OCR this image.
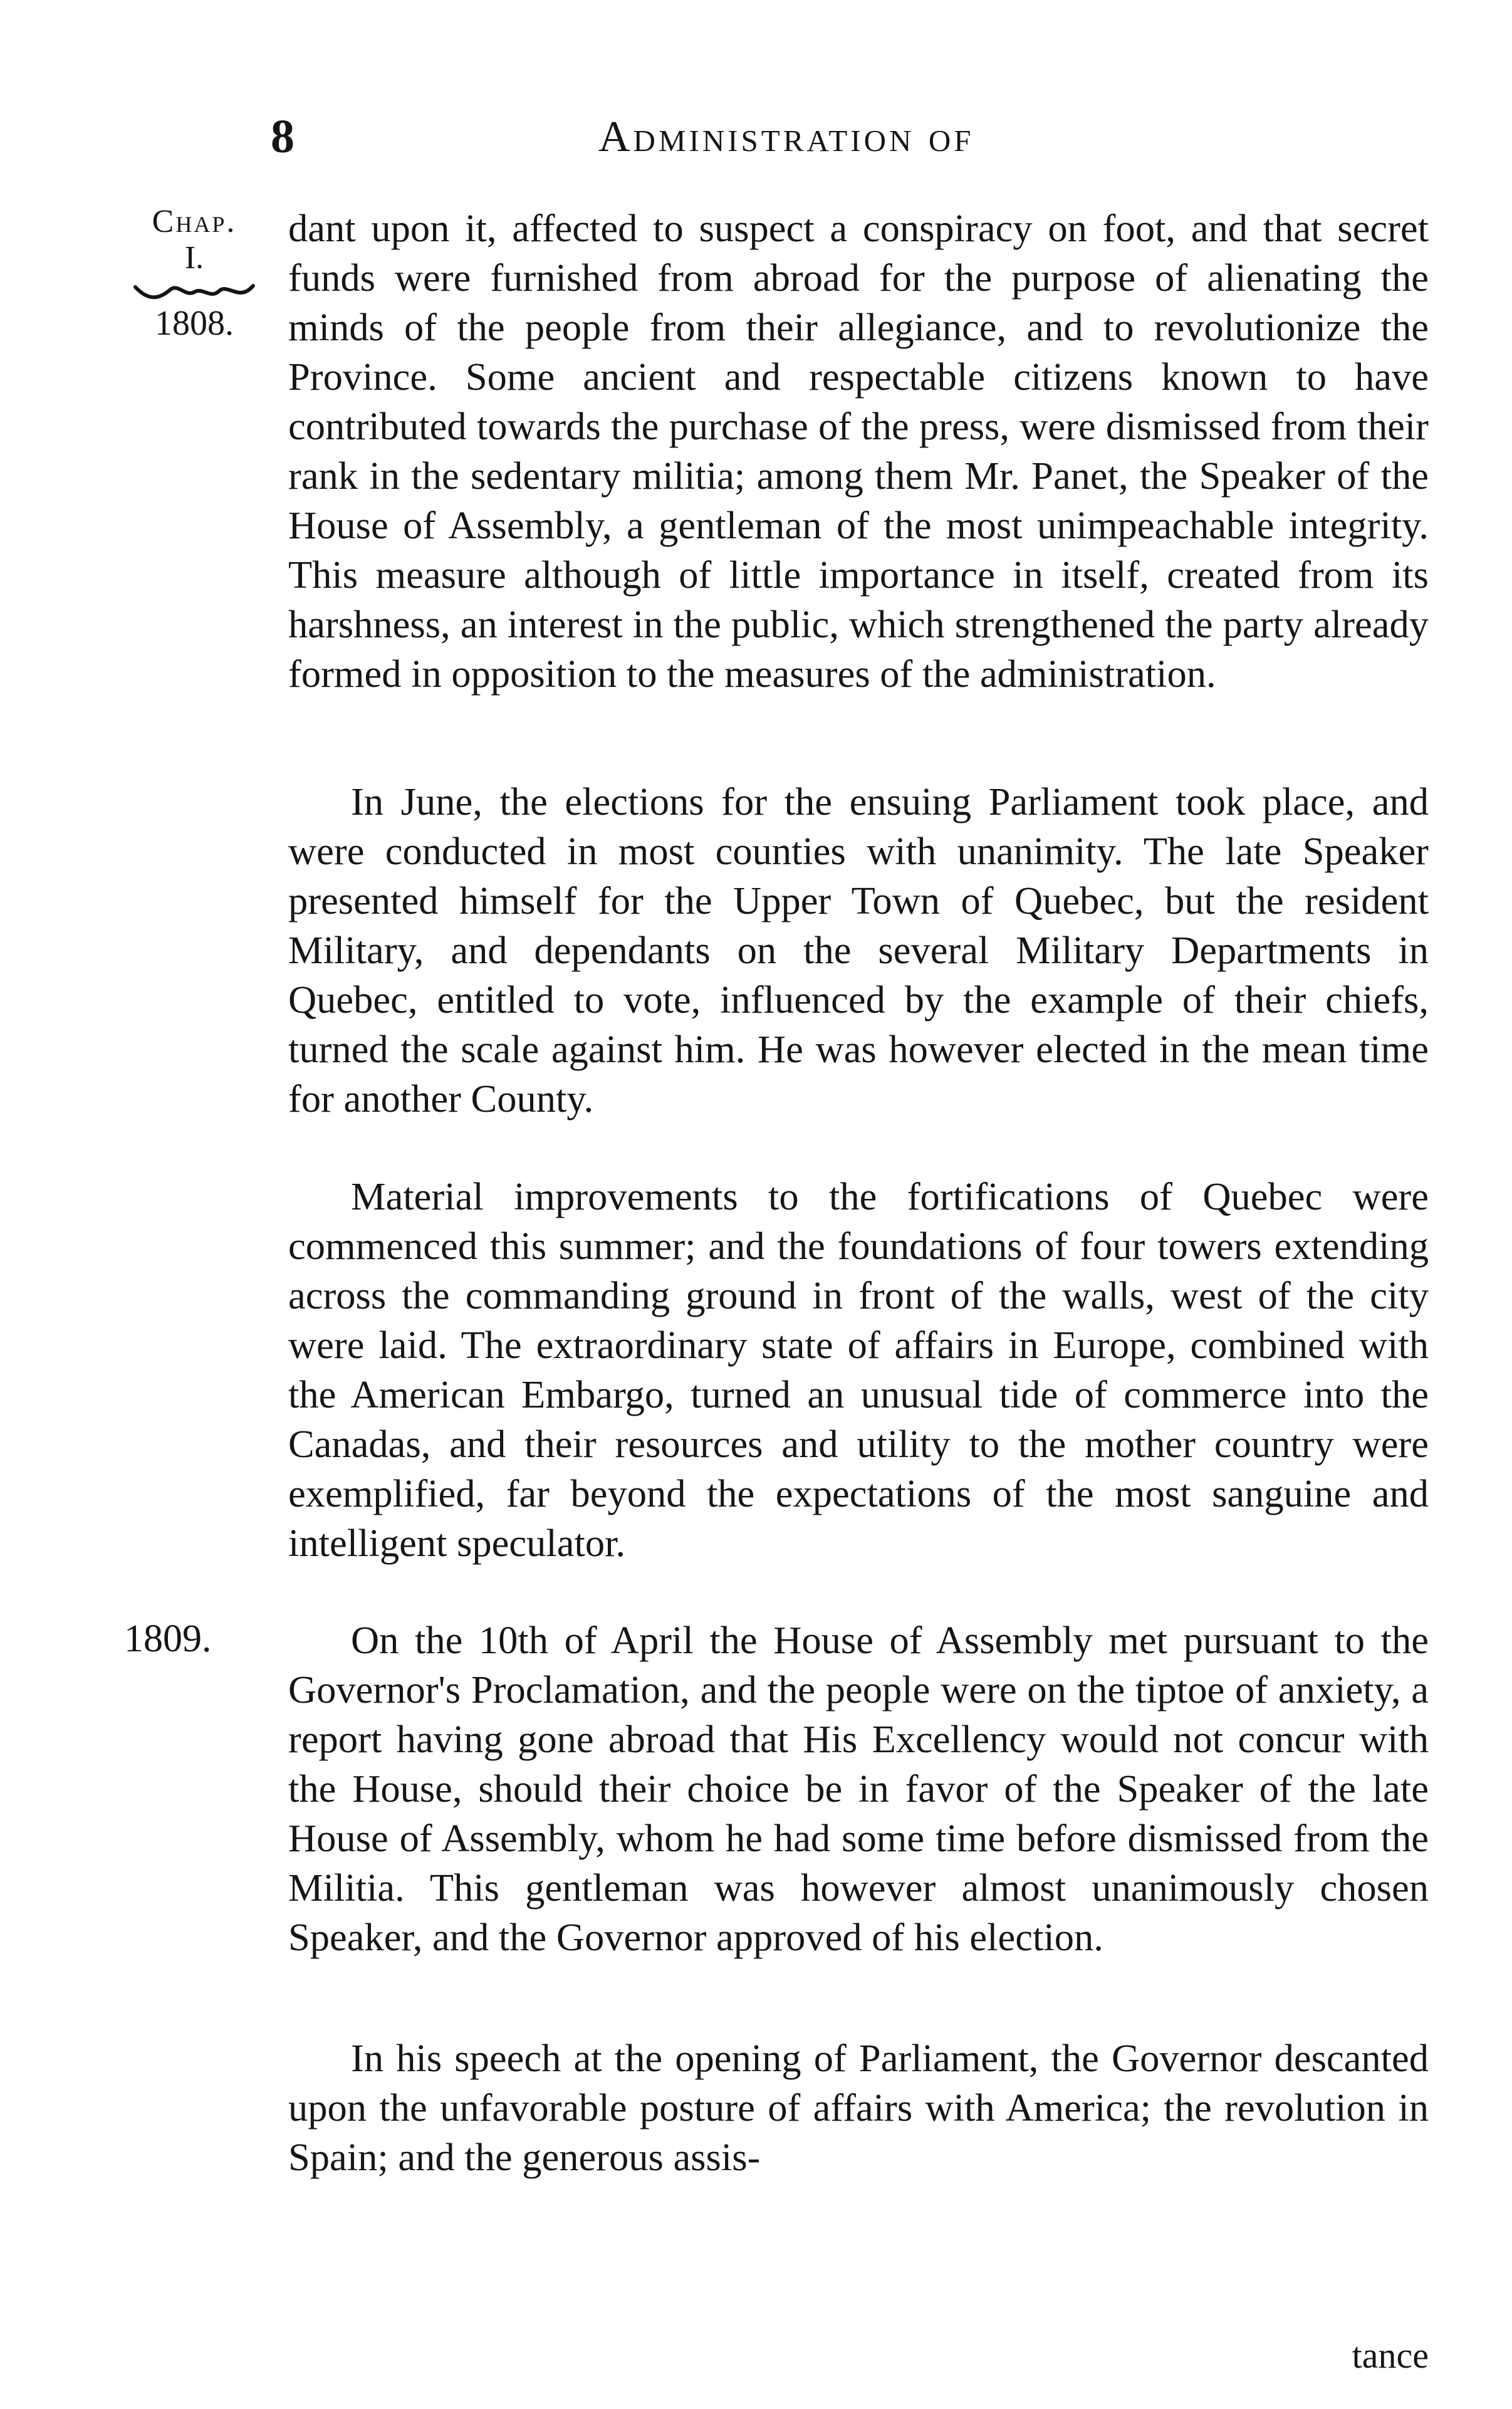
8	Administration of
Chap.
I.
1808.
1809.

dant upon it, affected to suspect a conspiracy on foot, and that secret funds were furnished from abroad for the purpose of alienating the minds of the people from their allegiance, and to revolutionize the Province. Some ancient and respectable citizens known to have contributed towards the purchase of the press, were dismissed from their rank in the sedentary militia; among them Mr. Panet, the Speaker of the House of Assembly, a gentleman of the most unimpeachable integrity. This measure although of little importance in itself, created from its harshness, an interest in the public, which strengthened the party already formed in opposition to the measures of the administration.

In June, the elections for the ensuing Parliament took place, and were conducted in most counties with unanimity. The late Speaker presented himself for the Upper Town of Quebec, but the resident Military, and dependants on the several Military Departments in Quebec, entitled to vote, influenced by the example of their chiefs, turned the scale against him. He was however elected in the mean time for another County.

Material improvements to the fortifications of Quebec were commenced this summer; and the foundations of four towers extending across the commanding ground in front of the walls, west of the city were laid. The extraordinary state of affairs in Europe, combined with the American Embargo, turned an unusual tide of commerce into the Canadas, and their resources and utility to the mother country were exemplified, far beyond the expectations of the most sanguine and intelligent speculator.

On the 10th of April the House of Assembly met pursuant to the Governor's Proclamation, and the people were on the tiptoe of anxiety, a report having gone abroad that His Excellency would not concur with the House, should their choice be in favor of the Speaker of the late House of Assembly, whom he had some time before dismissed from the Militia. This gentleman was however almost unanimously chosen Speaker, and the Governor approved of his election.

In his speech at the opening of Parliament, the Governor descanted upon the unfavorable posture of affairs with America; the revolution in Spain; and the generous assis-

tance
